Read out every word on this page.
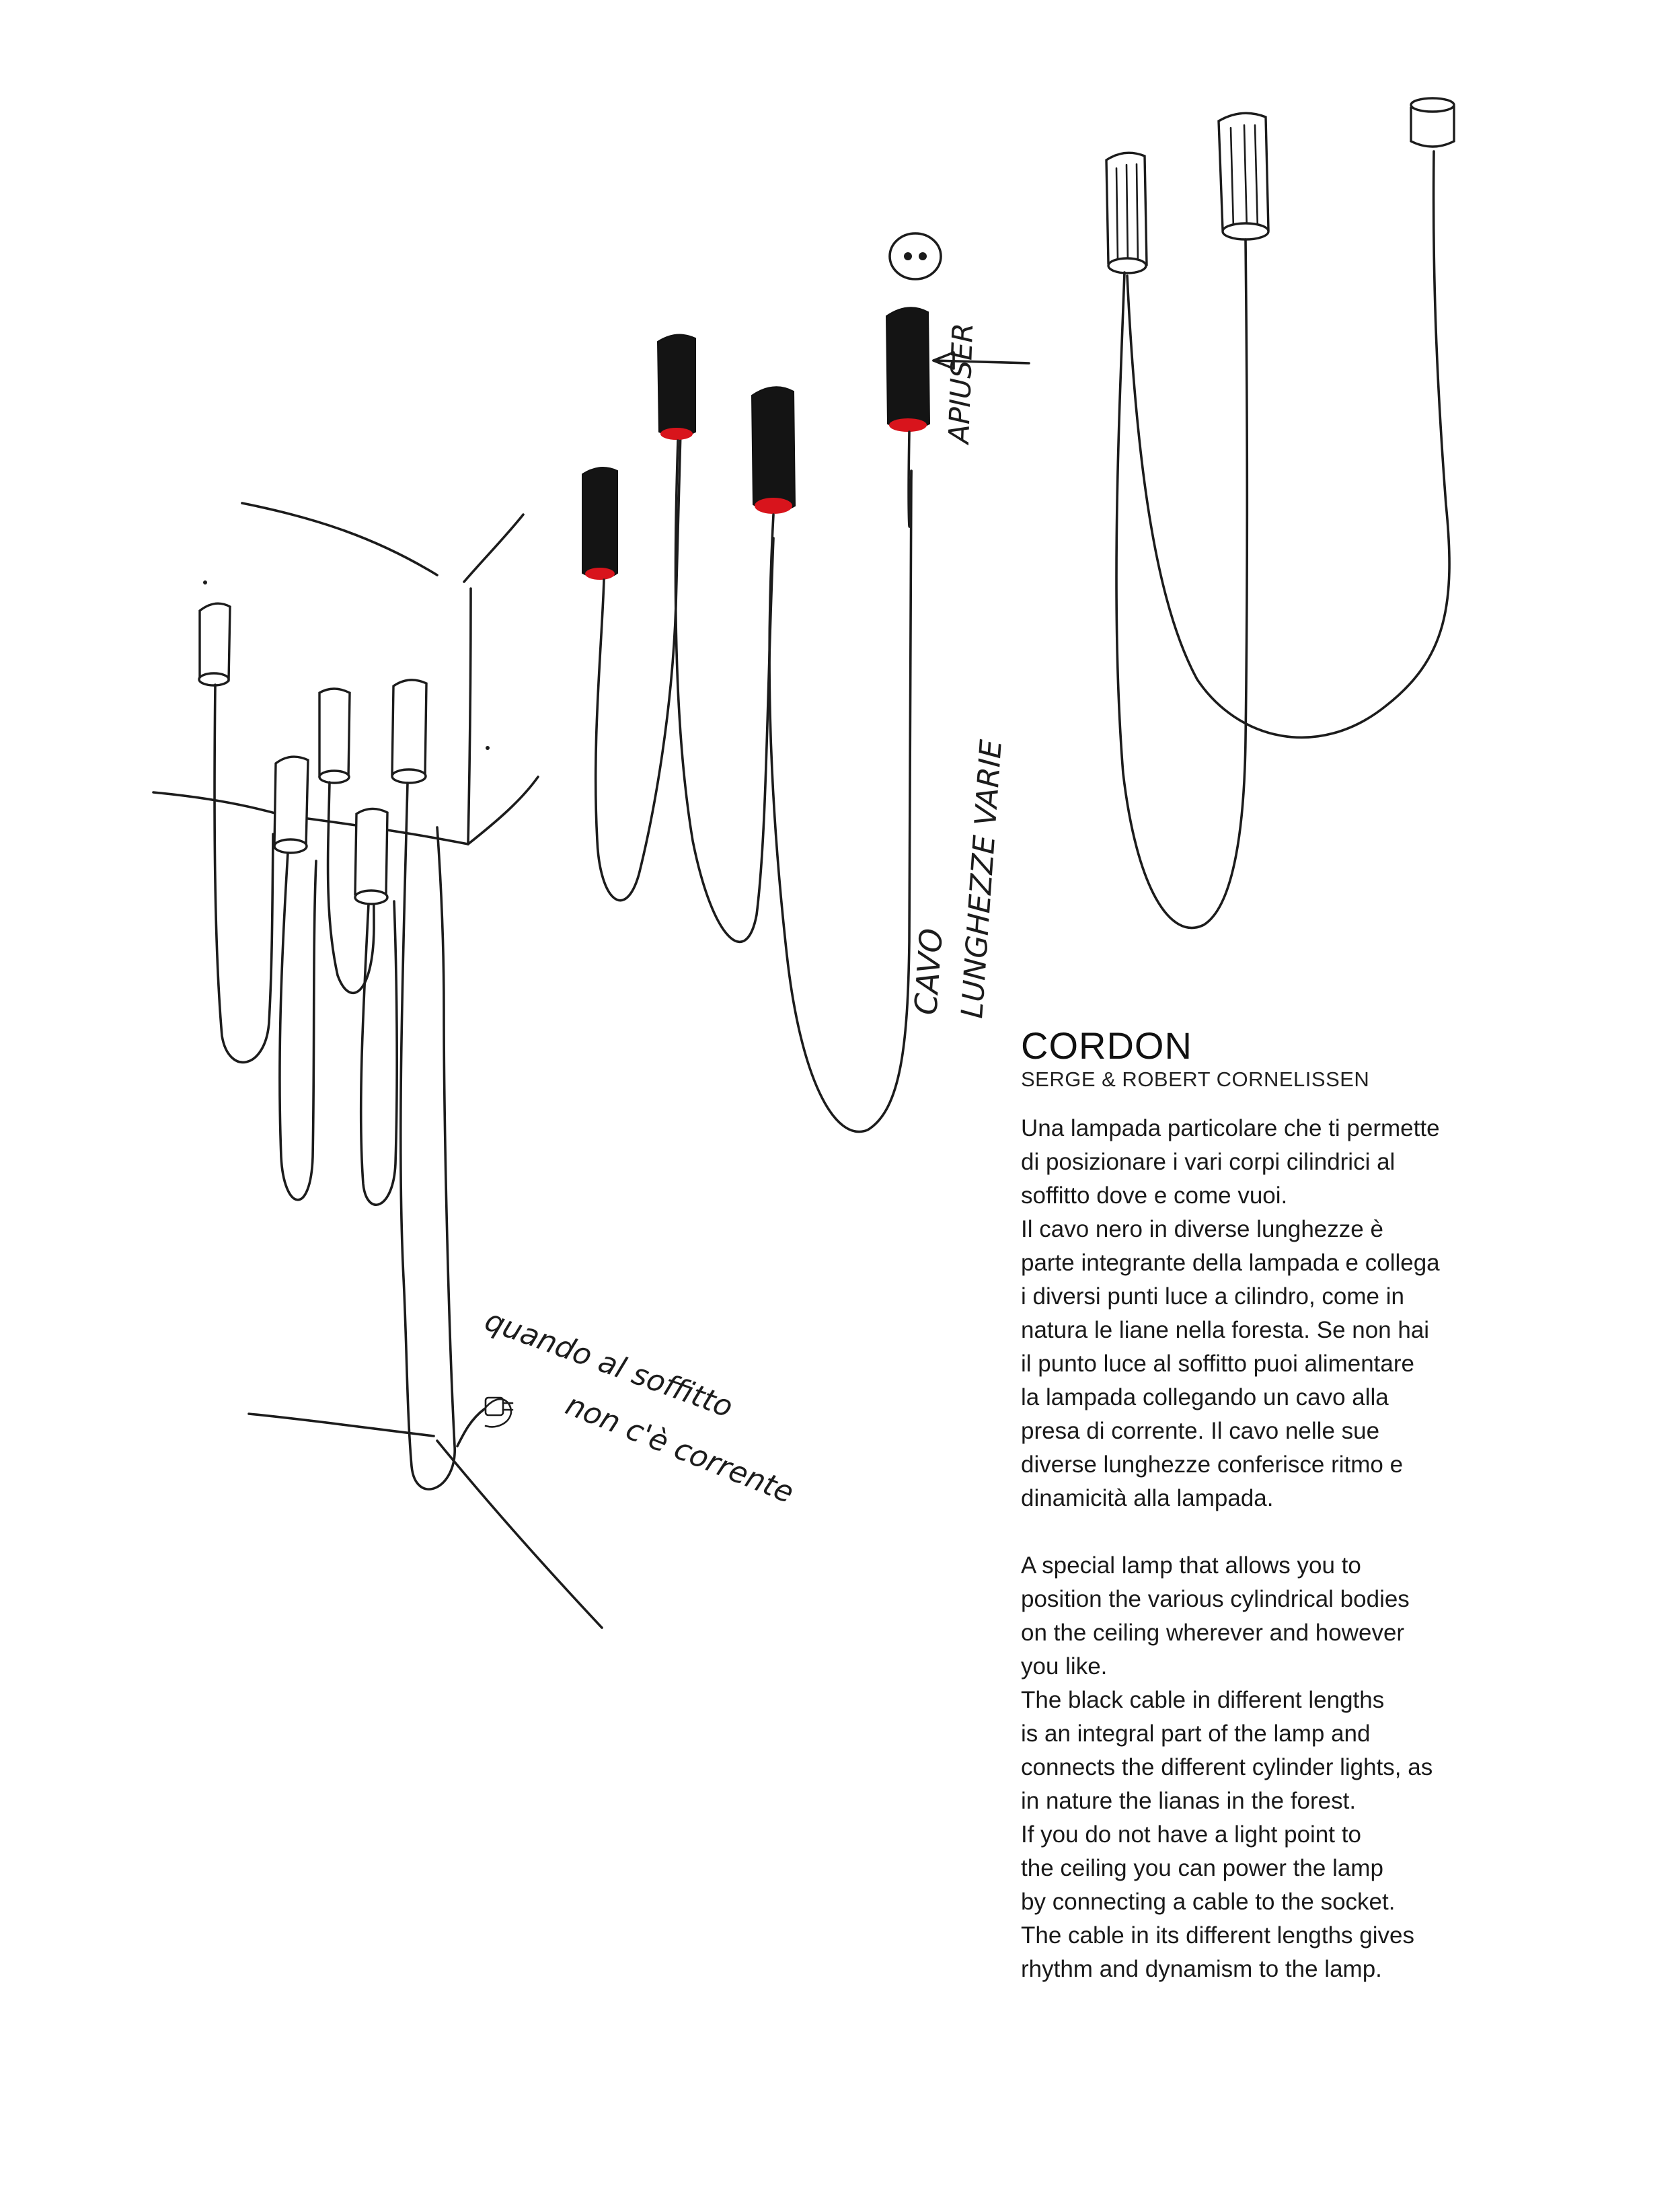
APIUSER
CAVO LUNGHEZZE VARIE
quando al soffitto
non c'è corrente
CORDON
SERGE & ROBERT CORNELISSEN

Una lampada particolare che ti permette

di posizionare i vari corpi cilindrici al

soffitto dove e come vuoi.

Il cavo nero in diverse lunghezze è

parte integrante della lampada e collega

i diversi punti luce a cilindro, come in

natura le liane nella foresta. Se non hai

il punto luce al soffitto puoi alimentare

la lampada collegando un cavo alla

presa di corrente. Il cavo nelle sue

diverse lunghezze conferisce ritmo e

dinamicità alla lampada.

A special lamp that allows you to

position the various cylindrical bodies

on the ceiling wherever and however

you like.

The black cable in different lengths

is an integral part of the lamp and

connects the different cylinder lights, as

in nature the lianas in the forest.

If you do not have a light point to

the ceiling you can power the lamp

by connecting a cable to the socket.

The cable in its different lengths gives

rhythm and dynamism to the lamp.
